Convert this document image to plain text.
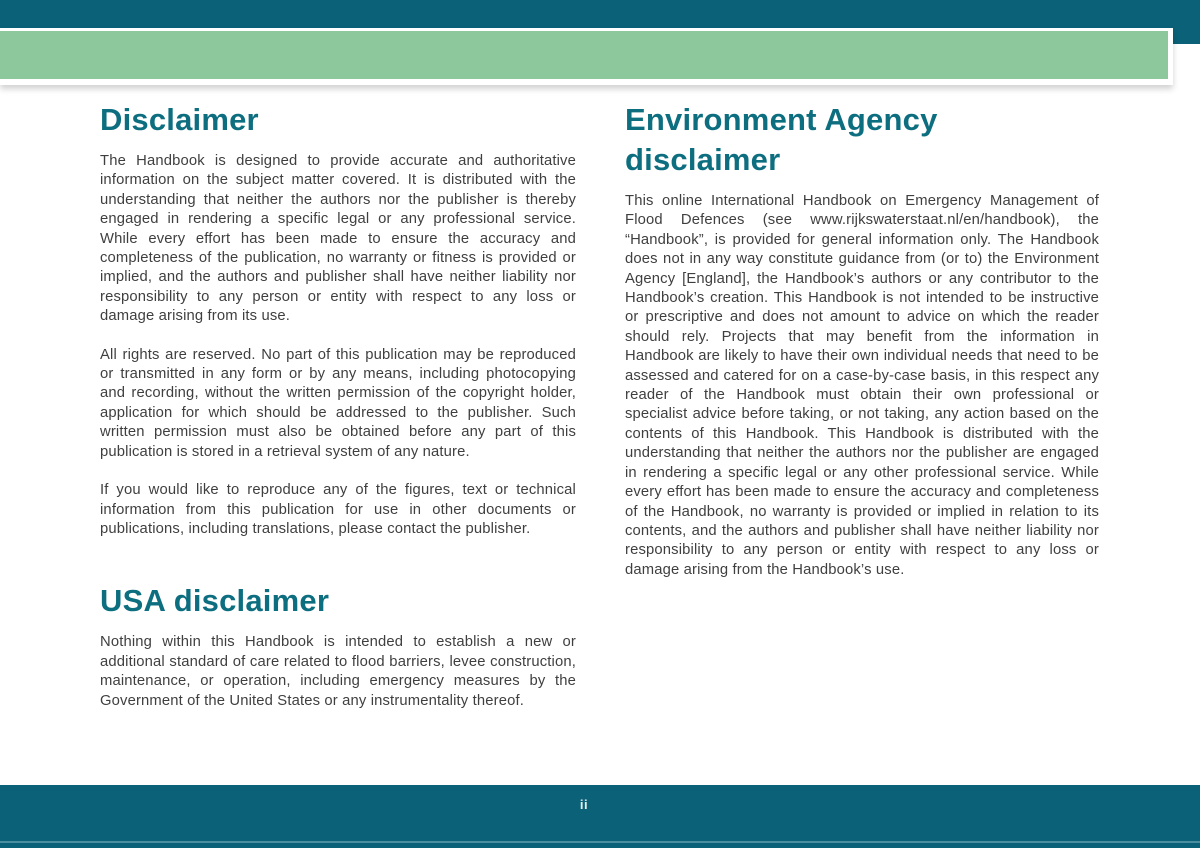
Disclaimer

The Handbook is designed to provide accurate and authoritative information on the subject matter covered. It is distributed with the understanding that neither the authors nor the publisher is thereby engaged in rendering a specific legal or any professional service. While every effort has been made to ensure the accuracy and completeness of the publication, no warranty or fitness is provided or implied, and the authors and publisher shall have neither liability nor responsibility to any person or entity with respect to any loss or damage arising from its use.

All rights are reserved. No part of this publication may be reproduced or transmitted in any form or by any means, including photocopying and recording, without the written permission of the copyright holder, application for which should be addressed to the publisher. Such written permission must also be obtained before any part of this publication is stored in a retrieval system of any nature.

If you would like to reproduce any of the figures, text or technical information from this publication for use in other documents or publications, including translations, please contact the publisher.

USA disclaimer

Nothing within this Handbook is intended to establish a new or additional standard of care related to flood barriers, levee construction, maintenance, or operation, including emergency measures by the Government of the United States or any instrumentality thereof.

Environment Agency disclaimer

This online International Handbook on Emergency Management of Flood Defences (see www.rijkswaterstaat.nl/en/handbook), the “Handbook”, is provided for general information only. The Handbook does not in any way constitute guidance from (or to) the Environment Agency [England], the Handbook’s authors or any contributor to the Handbook’s creation. This Handbook is not intended to be instructive or prescriptive and does not amount to advice on which the reader should rely. Projects that may benefit from the information in Handbook are likely to have their own individual needs that need to be assessed and catered for on a case-by-case basis, in this respect any reader of the Handbook must obtain their own professional or specialist advice before taking, or not taking, any action based on the contents of this Handbook. This Handbook is distributed with the understanding that neither the authors nor the publisher are engaged in rendering a specific legal or any other professional service. While every effort has been made to ensure the accuracy and completeness of the Handbook, no warranty is provided or implied in relation to its contents, and the authors and publisher shall have neither liability nor responsibility to any person or entity with respect to any loss or damage arising from the Handbook’s use.

ii
